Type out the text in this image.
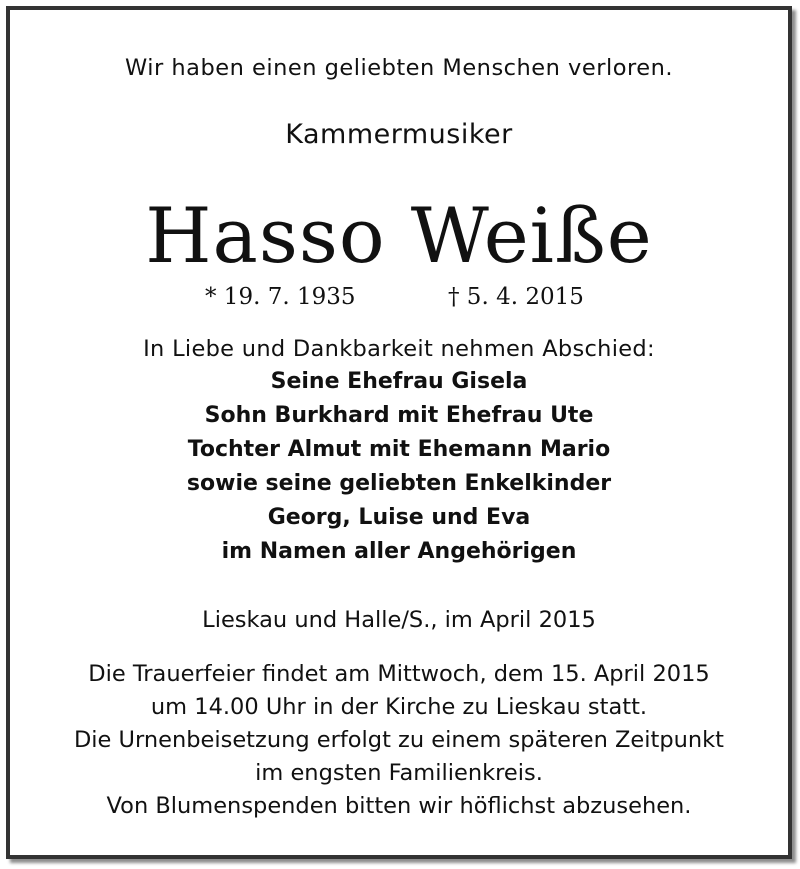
Wir haben einen geliebten Menschen verloren.
Kammermusiker
Hasso Weiße
* 19. 7. 1935	† 5. 4. 2015
In Liebe und Dankbarkeit nehmen Abschied:
Seine Ehefrau Gisela
Sohn Burkhard mit Ehefrau Ute
Tochter Almut mit Ehemann Mario
sowie seine geliebten Enkelkinder
Georg, Luise und Eva
im Namen aller Angehörigen
Lieskau und Halle/S., im April 2015
Die Trauerfeier findet am Mittwoch, dem 15. April 2015
um 14.00 Uhr in der Kirche zu Lieskau statt.
Die Urnenbeisetzung erfolgt zu einem späteren Zeitpunkt
im engsten Familienkreis.
Von Blumenspenden bitten wir höflichst abzusehen.
